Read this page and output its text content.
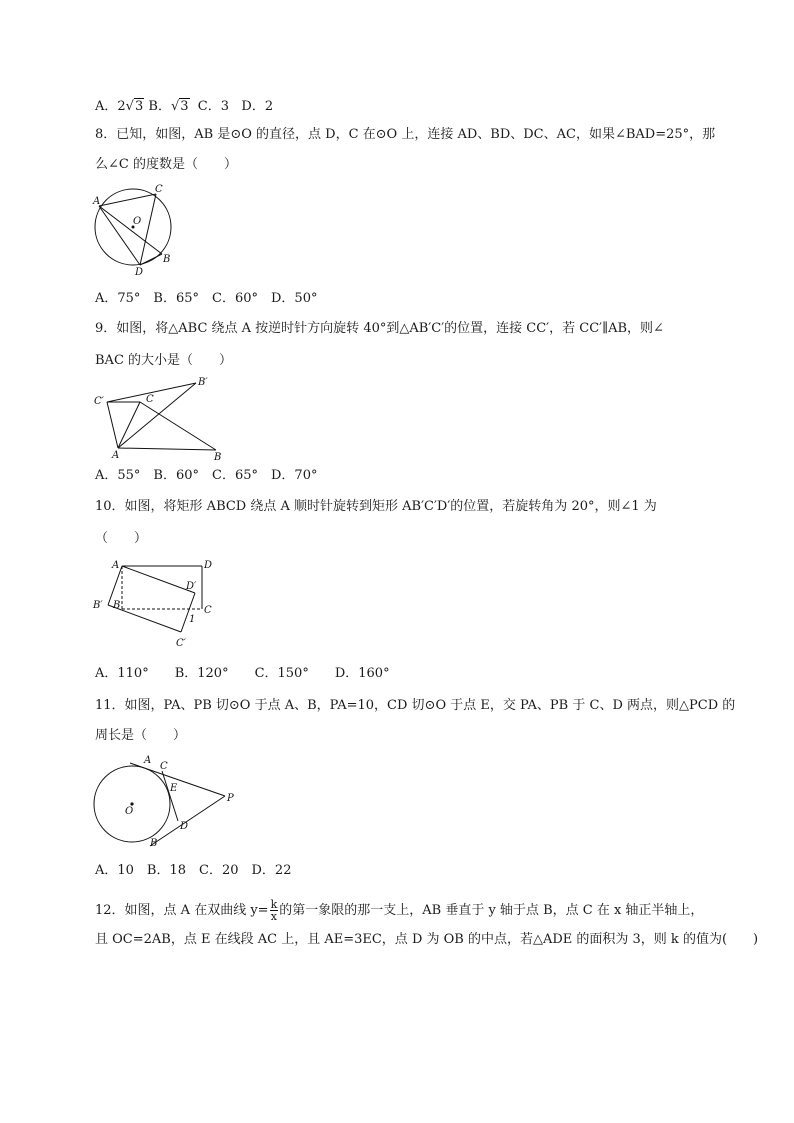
A．2√3 B．√3 C．3 D．2
8．已知，如图，AB 是⊙O 的直径，点 D，C 在⊙O 上，连接 AD、BD、DC、AC，如果∠BAD=25°，那
么∠C 的度数是（　　）
A
C
O
B
D
A．75°　B．65°　C．60°　D．50°
9．如图，将△ABC 绕点 A 按逆时针方向旋转 40°到△AB′C′的位置，连接 CC′，若 CC′∥AB，则∠
BAC 的大小是（　　）
A	B
C
C′
B′
A．55°　B．60°　C．65°　D．70°
10．如图，将矩形 ABCD 绕点 A 顺时针旋转到矩形 AB′C′D′的位置，若旋转角为 20°，则∠1 为
（　　）
A	D
D′
C
B
B′
C′
1
A．110°　　B．120°　　C．150°　　D．160°
11．如图，PA、PB 切⊙O 于点 A、B，PA=10，CD 切⊙O 于点 E，交 PA、PB 于 C、D 两点，则△PCD 的
周长是（　　）
A
C
E
P
O
D
B
A．10　B．18　C．20　D．22
12．如图，点 A 在双曲线 $y= \frac{k}{x}$ 的第一象限的那一支上，AB 垂直于 y 轴于点 B，点 C 在 x 轴正半轴上，
且 OC=2AB，点 E 在线段 AC 上，且 AE=3EC，点 D 为 OB 的中点，若△ADE 的面积为 3，则 k 的值为(　　)
